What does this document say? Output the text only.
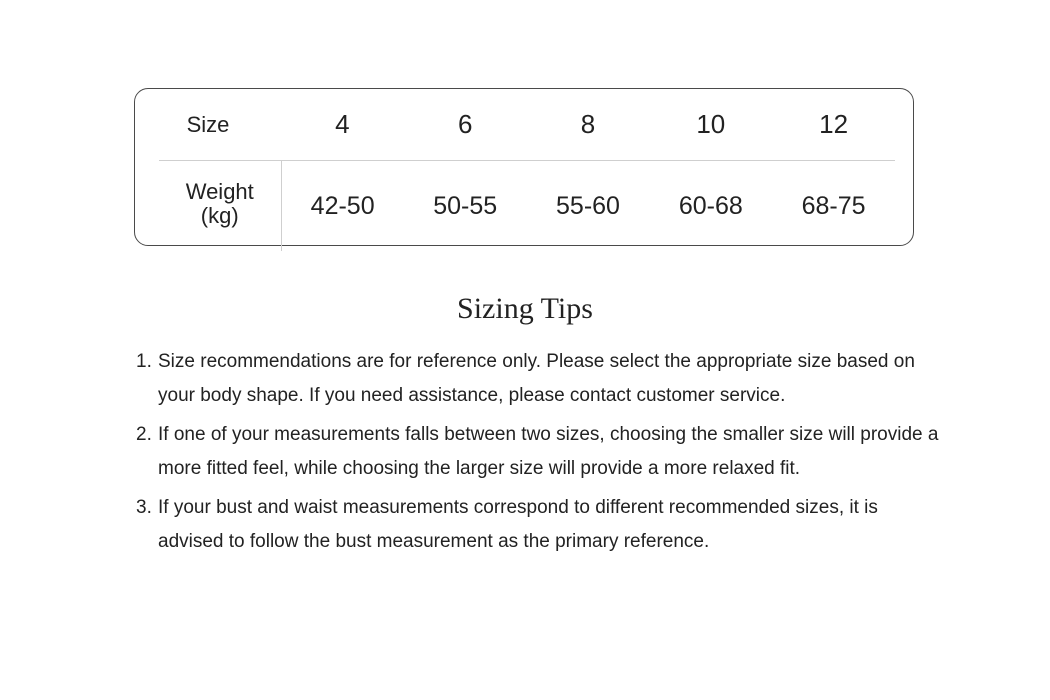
Size	4	6	8	10	12
Weight
(kg)	42-50	50-55	55-60	60-68	68-75
Sizing Tips
1. Size recommendations are for reference only. Please select the appropriate size based on your body shape. If you need assistance, please contact customer service.
2. If one of your measurements falls between two sizes, choosing the smaller size will provide a more fitted feel, while choosing the larger size will provide a more relaxed fit.
3. If your bust and waist measurements correspond to different recommended sizes, it is advised to follow the bust measurement as the primary reference.
